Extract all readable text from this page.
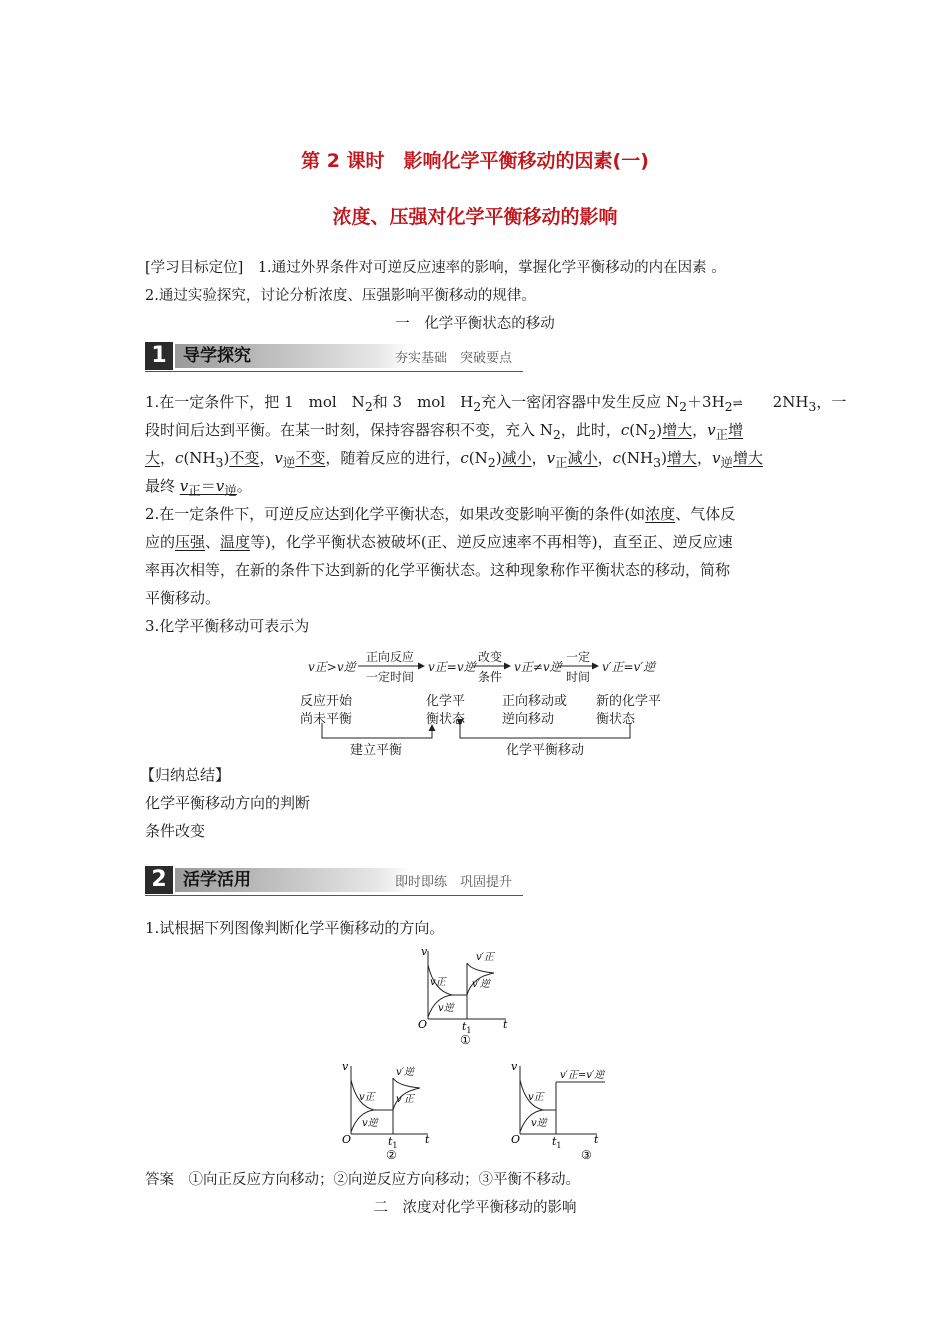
第 2 课时　影响化学平衡移动的因素(一)
浓度、压强对化学平衡移动的影响
[学习目标定位]　1.通过外界条件对可逆反应速率的影响，掌握化学平衡移动的内在因素 。
2.通过实验探究，讨论分析浓度、压强影响平衡移动的规律。
一　化学平衡状态的移动
1 导学探究	夯实基础　突破要点
1.在一定条件下，把 1　mol　$N_2$和 3　mol　$H_2$充入一密闭容器中发生反应 $N_2+3H_2\rightleftharpoons$　　$2NH_3$，一
段时间后达到平衡。在某一时刻，保持容器容积不变，充入 $N_2$，此时，$c(N_2)$增大，$v_正$增
大，$c(NH_3)$不变，$v_逆$不变，随着反应的进行，$c(N_2)$减小，$v_正$减小，$c(NH_3)$增大，$v_逆$增大
最终 $v_正=v_逆$。
2.在一定条件下，可逆反应达到化学平衡状态，如果改变影响平衡的条件(如浓度、气体反
应的压强、温度等)，化学平衡状态被破坏(正、逆反应速率不再相等)，直至正、逆反应速
率再次相等，在新的条件下达到新的化学平衡状态。这种现象称作平衡状态的移动，简称
平衡移动。
3.化学平衡移动可表示为
v正>v逆
正向反应
一定时间
v正=v逆
改变
条件
v正≠v逆
一定
时间
v′正=v′逆
反应开始
尚未平衡
化学平
衡状态
正向移动或
逆向移动
新的化学平
衡状态
建立平衡	化学平衡移动
【归纳总结】
化学平衡移动方向的判断
条件改变
2 活学活用	即时即练　巩固提升
1.试根据下列图像判断化学平衡移动的方向。
v
t
O
v正
v逆
v′正
v′逆
$t_1$
①
v
t
O
v正
v逆
v′逆
v′正
$t_1$
②
v
t
O
v正
v逆
v′正=v′逆
$t_1$
③
答案　①向正反应方向移动；②向逆反应方向移动；③平衡不移动。
二　浓度对化学平衡移动的影响
